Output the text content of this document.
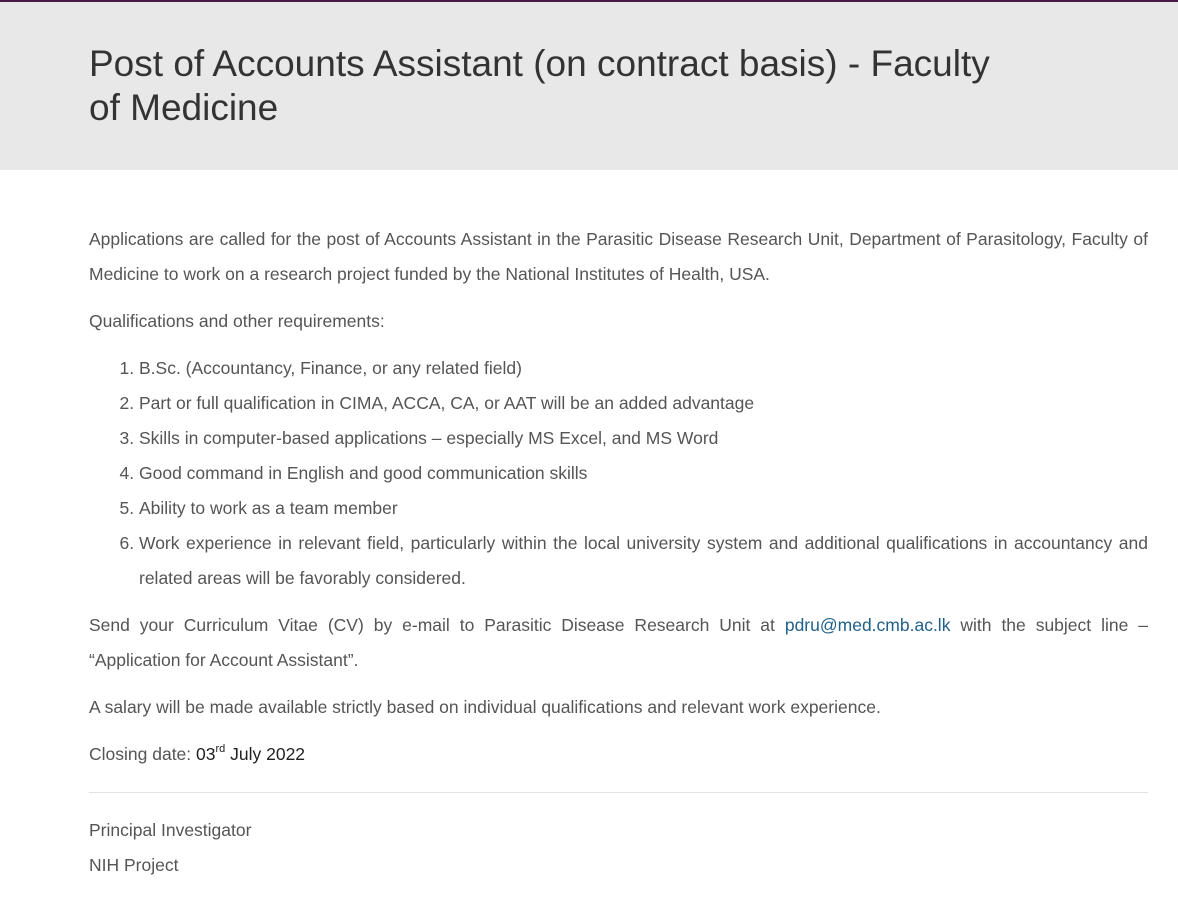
Post of Accounts Assistant (on contract basis) - Faculty of Medicine

Applications are called for the post of Accounts Assistant in the Parasitic Disease Research Unit, Department of Parasitology, Faculty of Medicine to work on a research project funded by the National Institutes of Health, USA.

Qualifications and other requirements:

1. B.Sc. (Accountancy, Finance, or any related field)
2. Part or full qualification in CIMA, ACCA, CA, or AAT will be an added advantage
3. Skills in computer-based applications – especially MS Excel, and MS Word
4. Good command in English and good communication skills
5. Ability to work as a team member
6. Work experience in relevant field, particularly within the local university system and additional qualifications in accountancy and related areas will be favorably considered.

Send your Curriculum Vitae (CV) by e-mail to Parasitic Disease Research Unit at pdru@med.cmb.ac.lk with the subject line – “Application for Account Assistant”.

A salary will be made available strictly based on individual qualifications and relevant work experience.

Closing date: 03rd July 2022

Principal Investigator

NIH Project
